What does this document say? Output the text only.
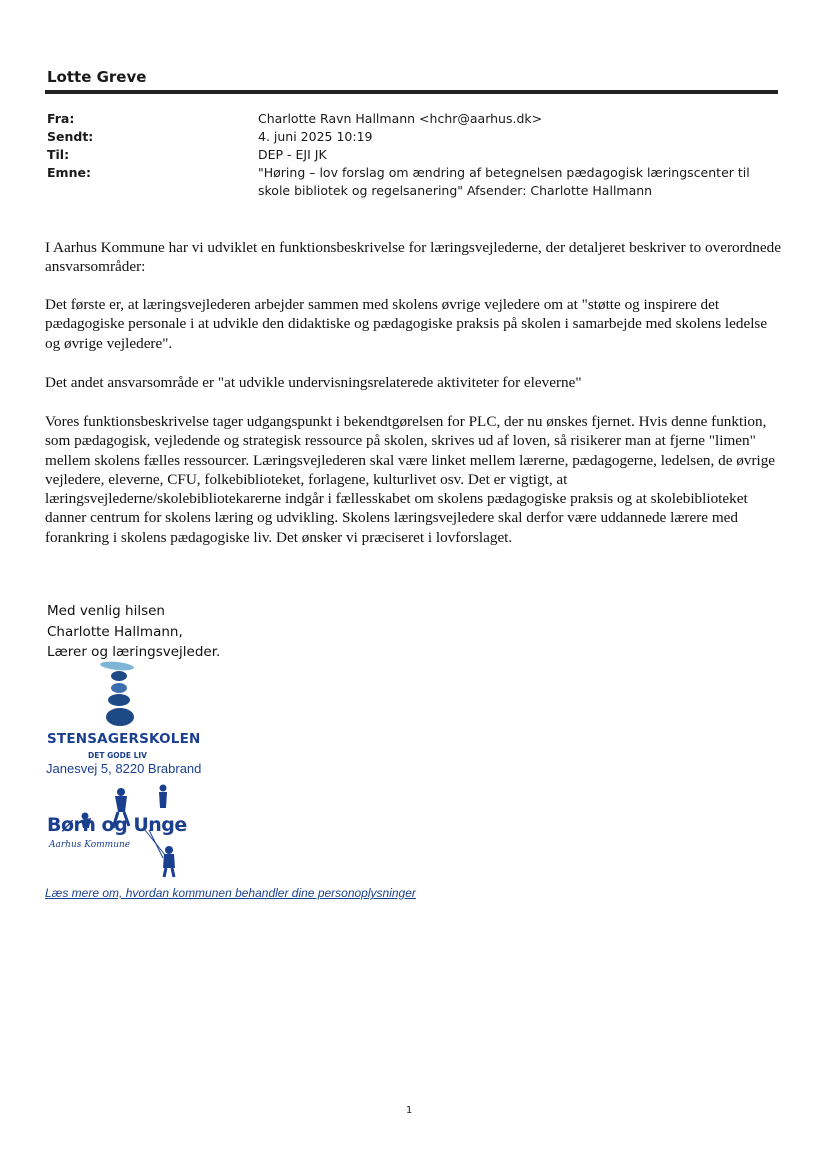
Lotte Greve
Fra:	Charlotte Ravn Hallmann <hchr@aarhus.dk>
Sendt:	4. juni 2025 10:19
Til:	DEP - EJI JK
Emne:	"Høring – lov forslag om ændring af betegnelsen pædagogisk læringscenter til skole bibliotek og regelsanering" Afsender: Charlotte Hallmann

I Aarhus Kommune har vi udviklet en funktionsbeskrivelse for læringsvejlederne, der detaljeret beskriver to overordnede ansvarsområder:

Det første er, at læringsvejlederen arbejder sammen med skolens øvrige vejledere om at "støtte og inspirere det pædagogiske personale i at udvikle den didaktiske og pædagogiske praksis på skolen i samarbejde med skolens ledelse og øvrige vejledere".

Det andet ansvarsområde er "at udvikle undervisningsrelaterede aktiviteter for eleverne"

Vores funktionsbeskrivelse tager udgangspunkt i bekendtgørelsen for PLC, der nu ønskes fjernet. Hvis denne funktion, som pædagogisk, vejledende og strategisk ressource på skolen, skrives ud af loven, så risikerer man at fjerne "limen" mellem skolens fælles ressourcer. Læringsvejlederen skal være linket mellem lærerne, pædagogerne, ledelsen, de øvrige vejledere, eleverne, CFU, folkebiblioteket, forlagene, kulturlivet osv. Det er vigtigt, at læringsvejlederne/skolebibliotekarerne indgår i fællesskabet om skolens pædagogiske praksis og at skolebiblioteket danner centrum for skolens læring og udvikling. Skolens læringsvejledere skal derfor være uddannede lærere med forankring i skolens pædagogiske liv. Det ønsker vi præciseret i lovforslaget.

Med venlig hilsen
Charlotte Hallmann,
Lærer og læringsvejleder.
STENSAGERSKOLEN
DET GODE LIV
Janesvej 5, 8220 Brabrand
Børn og Unge
Aarhus Kommune
Læs mere om, hvordan kommunen behandler dine personoplysninger
1
